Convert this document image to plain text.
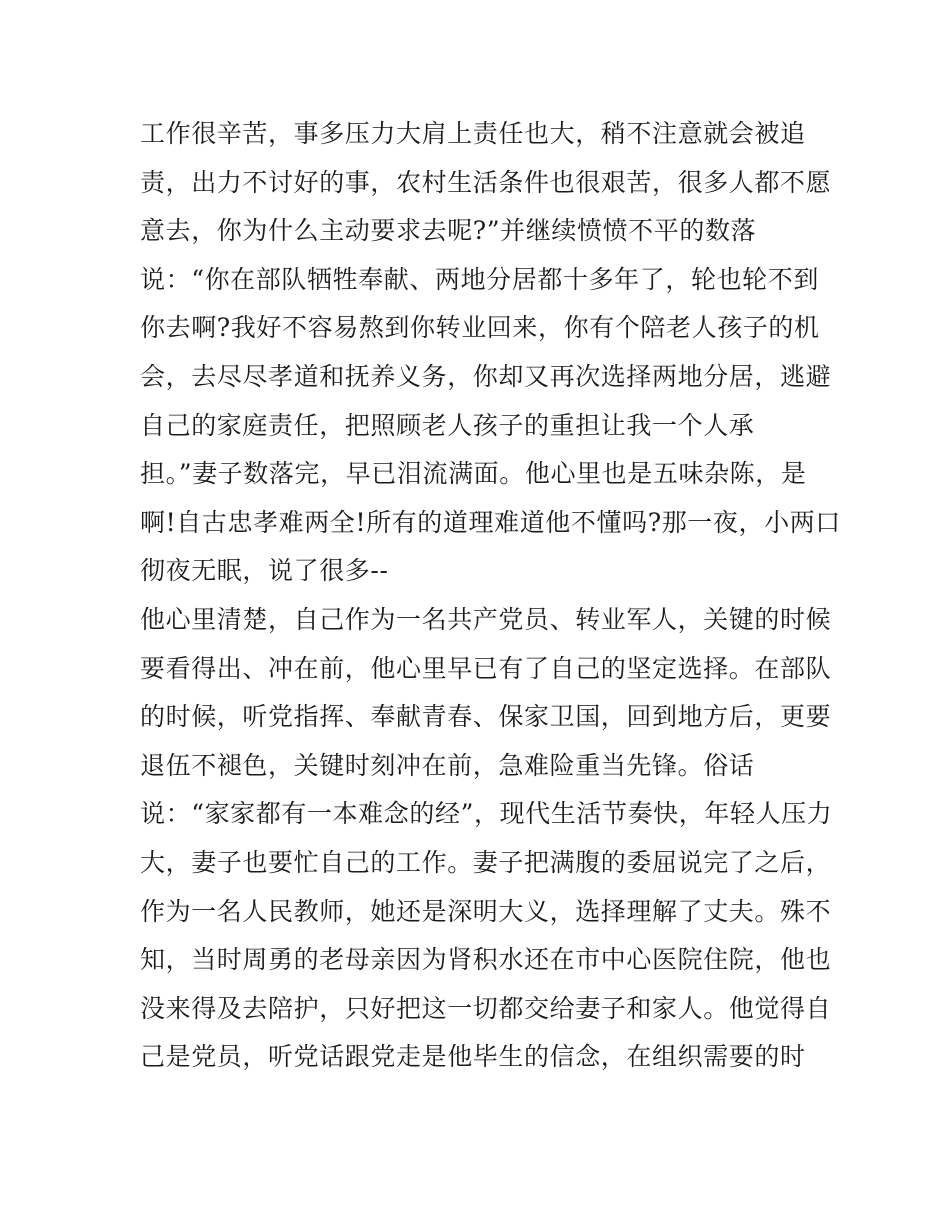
工作很辛苦，事多压力大肩上责任也大，稍不注意就会被追
责，出力不讨好的事，农村生活条件也很艰苦，很多人都不愿
意去，你为什么主动要求去呢?”并继续愤愤不平的数落
说：“你在部队牺牲奉献、两地分居都十多年了，轮也轮不到
你去啊?我好不容易熬到你转业回来，你有个陪老人孩子的机
会，去尽尽孝道和抚养义务，你却又再次选择两地分居，逃避
自己的家庭责任，把照顾老人孩子的重担让我一个人承
担。”妻子数落完，早已泪流满面。他心里也是五味杂陈，是
啊!自古忠孝难两全!所有的道理难道他不懂吗?那一夜，小两口
彻夜无眠，说了很多--
他心里清楚，自己作为一名共产党员、转业军人，关键的时候
要看得出、冲在前，他心里早已有了自己的坚定选择。在部队
的时候，听党指挥、奉献青春、保家卫国，回到地方后，更要
退伍不褪色，关键时刻冲在前，急难险重当先锋。俗话
说：“家家都有一本难念的经”，现代生活节奏快，年轻人压力
大，妻子也要忙自己的工作。妻子把满腹的委屈说完了之后，
作为一名人民教师，她还是深明大义，选择理解了丈夫。殊不
知，当时周勇的老母亲因为肾积水还在市中心医院住院，他也
没来得及去陪护，只好把这一切都交给妻子和家人。他觉得自
己是党员，听党话跟党走是他毕生的信念，在组织需要的时
